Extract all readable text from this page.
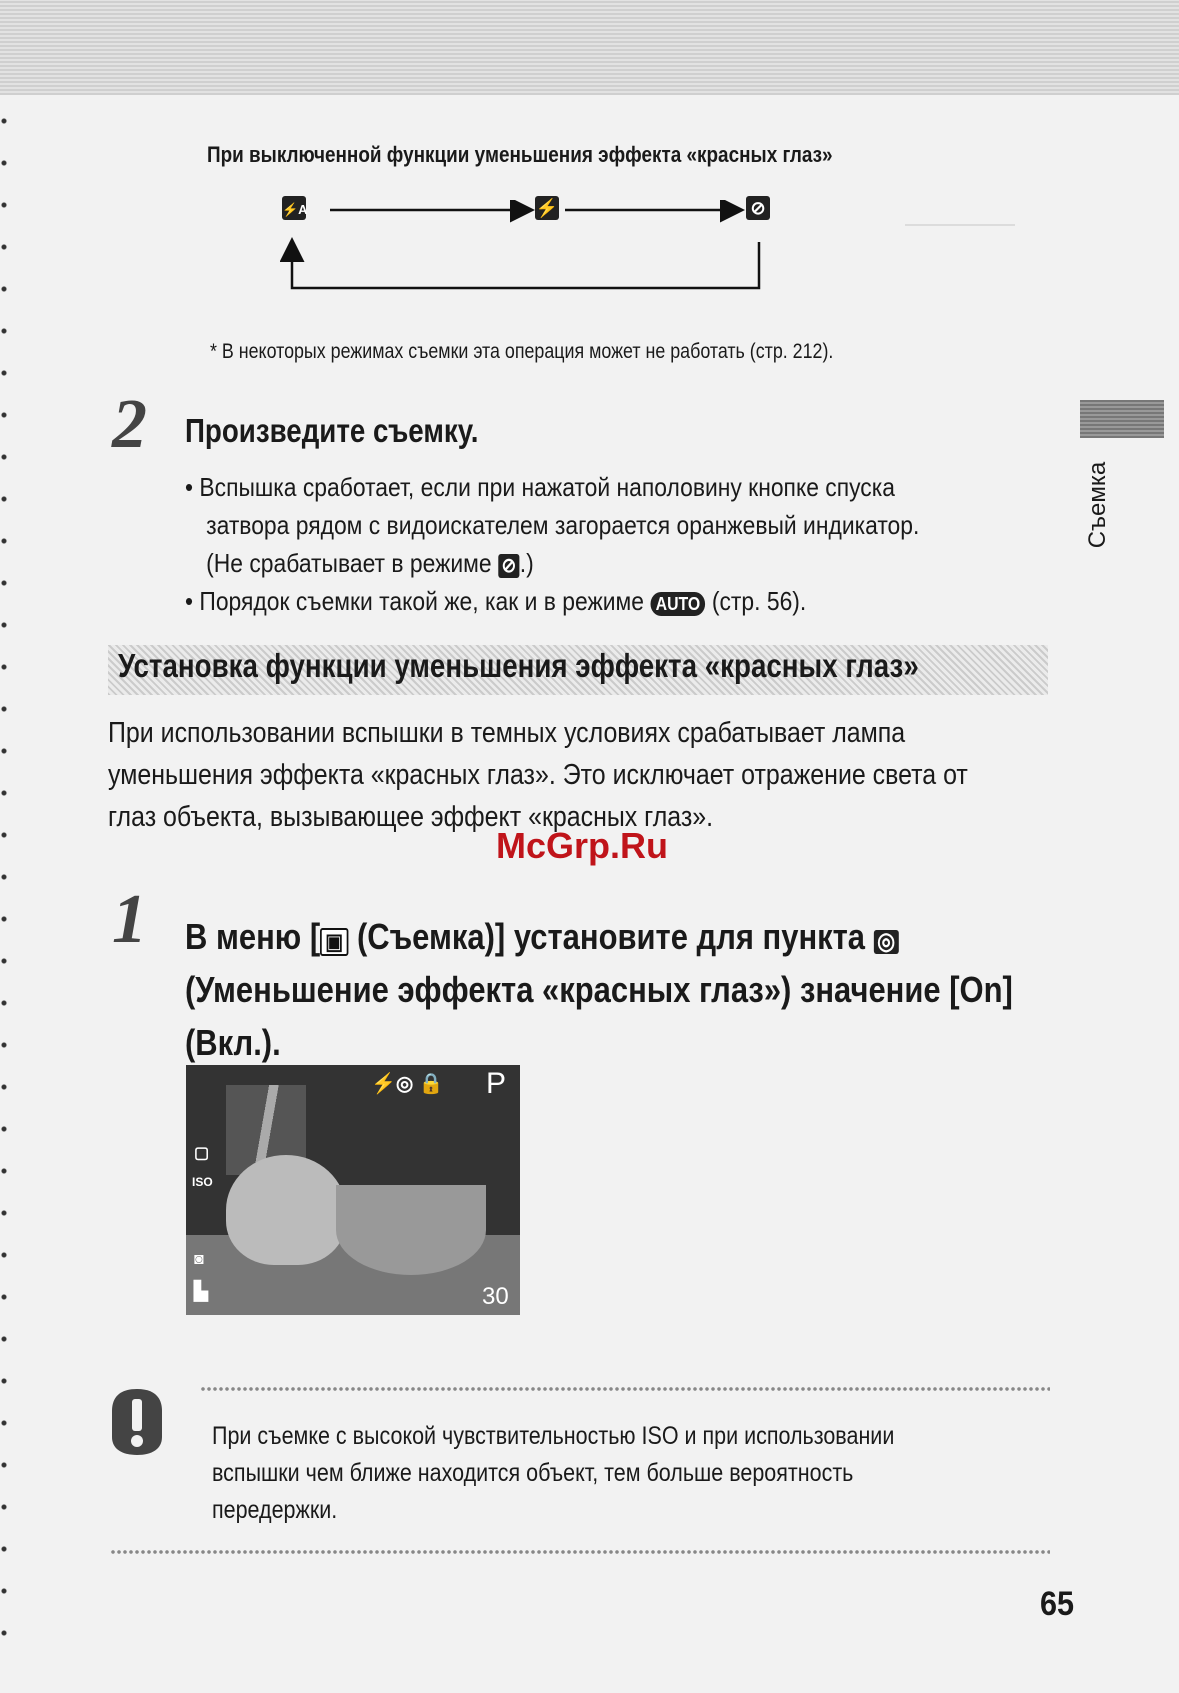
Съемка
При выключенной функции уменьшения эффекта «красных глаз»
⚡A	⚡	⊘
* В некоторых режимах съемки эта операция может не работать (стр. 212).
2 Произведите съемку.

• Вспышка сработает, если при нажатой наполовину кнопке спуска затвора рядом с видоискателем загорается оранжевый индикатор. (Не срабатывает в режиме ⊘ .)

• Порядок съемки такой же, как и в режиме AUTO (стр. 56).

Установка функции уменьшения эффекта «красных глаз»

При использовании вспышки в темных условиях срабатывает лампа уменьшения эффекта «красных глаз». Это исключает отражение света от глаз объекта, вызывающее эффект «красных глаз».

McGrp.Ru
1 В меню [ ▣ (Съемка)] установите для пункта ◎ (Уменьшение эффекта «красных глаз») значение [On] (Вкл.).

⚡◎ 🔒 P
▢
ISO
◙
▙	30

При съемке с высокой чувствительностью ISO и при использовании вспышки чем ближе находится объект, тем больше вероятность передержки.

65
